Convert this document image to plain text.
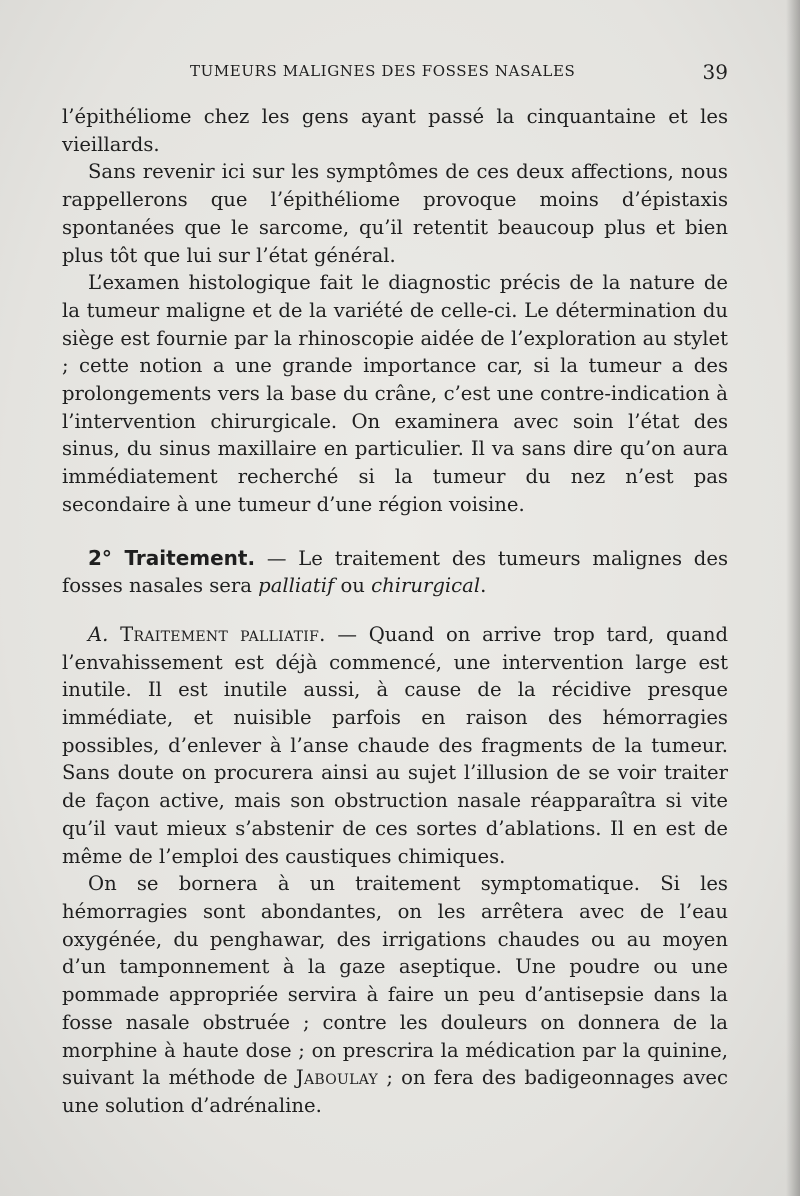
TUMEURS MALIGNES DES FOSSES NASALES	39

l’épithéliome chez les gens ayant passé la cinquantaine et les vieillards.

Sans revenir ici sur les symptômes de ces deux affections, nous rappellerons que l’épithéliome provoque moins d’épistaxis spontanées que le sarcome, qu’il retentit beaucoup plus et bien plus tôt que lui sur l’état général.

L’examen histologique fait le diagnostic précis de la nature de la tumeur maligne et de la variété de celle-ci. Le détermination du siège est fournie par la rhinoscopie aidée de l’exploration au stylet ; cette notion a une grande importance car, si la tumeur a des prolongements vers la base du crâne, c’est une contre-indication à l’intervention chirurgicale. On examinera avec soin l’état des sinus, du sinus maxillaire en particulier. Il va sans dire qu’on aura immédiatement recherché si la tumeur du nez n’est pas secondaire à une tumeur d’une région voisine.

2° Traitement. — Le traitement des tumeurs malignes des fosses nasales sera palliatif ou chirurgical.

A. Traitement palliatif. — Quand on arrive trop tard, quand l’envahissement est déjà commencé, une intervention large est inutile. Il est inutile aussi, à cause de la récidive presque immédiate, et nuisible parfois en raison des hémorragies possibles, d’enlever à l’anse chaude des fragments de la tumeur. Sans doute on procurera ainsi au sujet l’illusion de se voir traiter de façon active, mais son obstruction nasale réapparaîtra si vite qu’il vaut mieux s’abstenir de ces sortes d’ablations. Il en est de même de l’emploi des caustiques chimiques.

On se bornera à un traitement symptomatique. Si les hémorragies sont abondantes, on les arrêtera avec de l’eau oxygénée, du penghawar, des irrigations chaudes ou au moyen d’un tamponnement à la gaze aseptique. Une poudre ou une pommade appropriée servira à faire un peu d’antisepsie dans la fosse nasale obstruée ; contre les douleurs on donnera de la morphine à haute dose ; on prescrira la médication par la quinine, suivant la méthode de Jaboulay ; on fera des badigeonnages avec une solution d’adrénaline.
